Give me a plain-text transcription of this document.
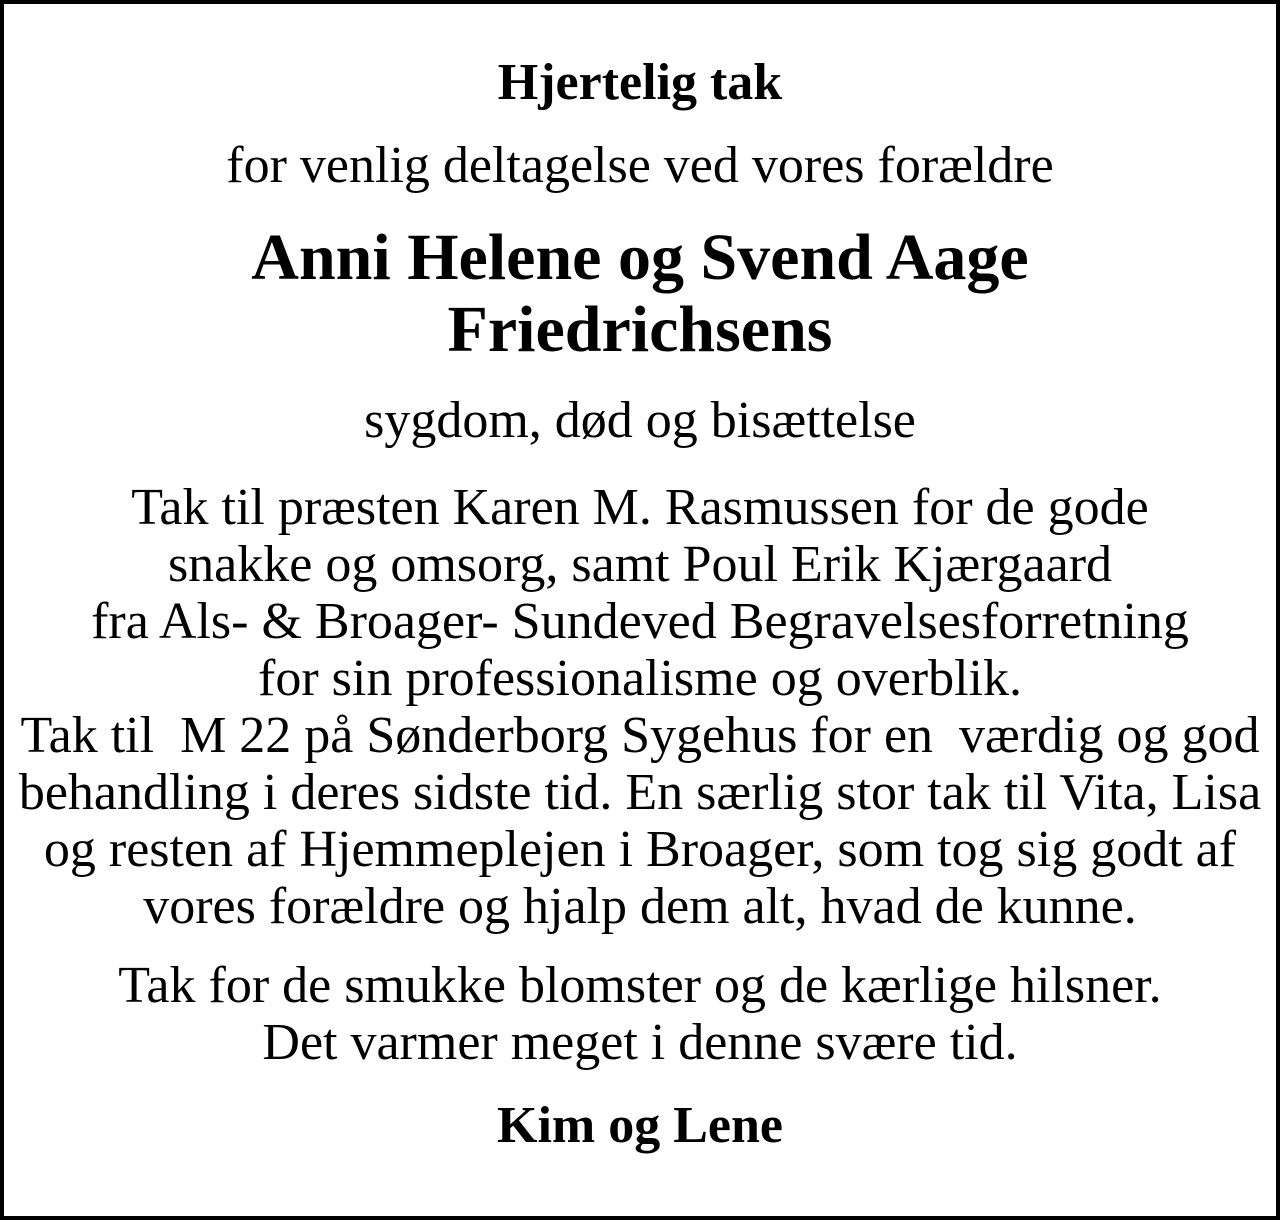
Hjertelig tak
for venlig deltagelse ved vores forældre
Anni Helene og Svend Aage
Friedrichsens
sygdom, død og bisættelse
Tak til præsten Karen M. Rasmussen for de gode
snakke og omsorg, samt Poul Erik Kjærgaard
fra Als- & Broager- Sundeved Begravelsesforretning
for sin professionalisme og overblik.
Tak til  M 22 på Sønderborg Sygehus for en  værdig og god
behandling i deres sidste tid. En særlig stor tak til Vita, Lisa
og resten af Hjemmeplejen i Broager, som tog sig godt af
vores forældre og hjalp dem alt, hvad de kunne.
Tak for de smukke blomster og de kærlige hilsner.
Det varmer meget i denne svære tid.
Kim og Lene
